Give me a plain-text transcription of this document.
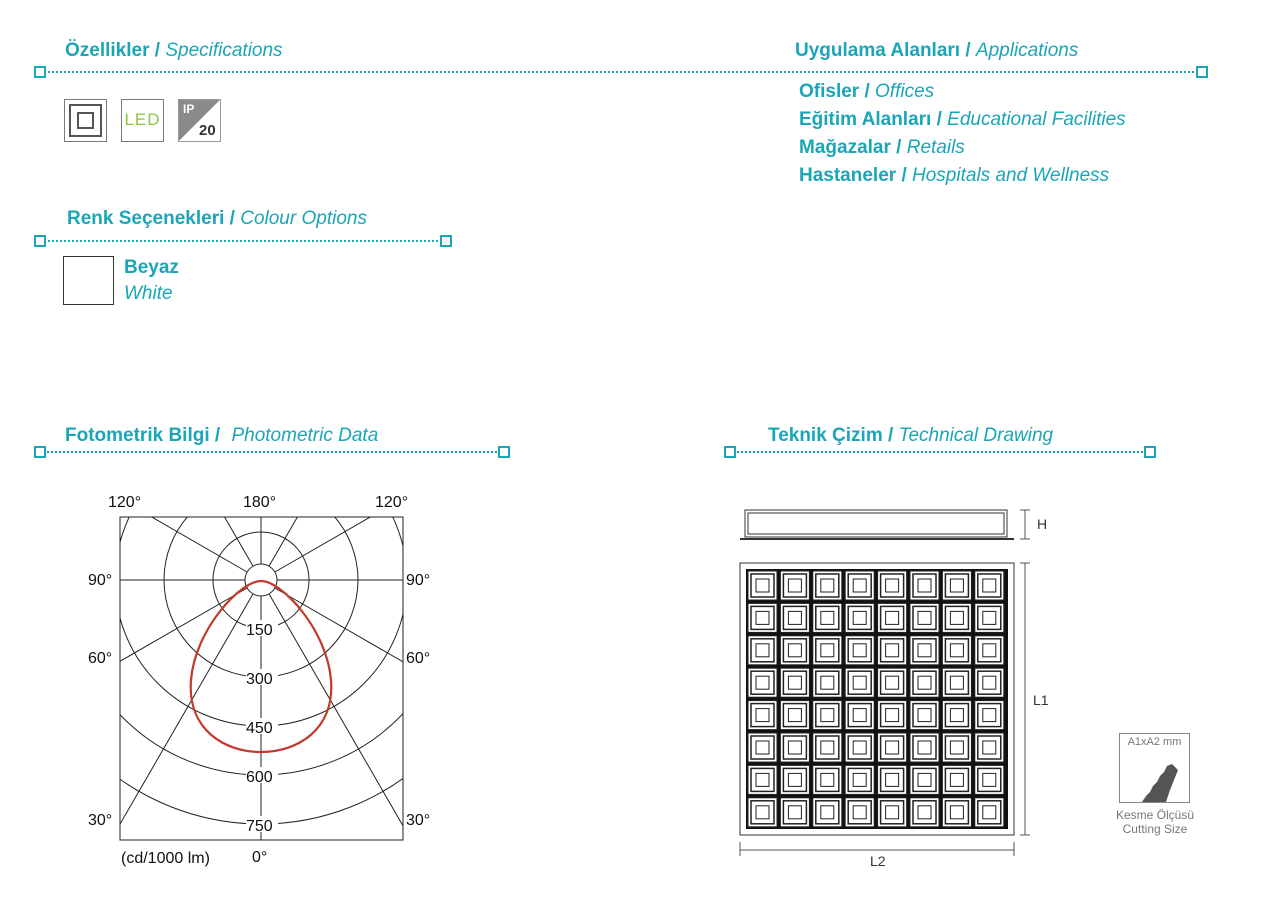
Özellikler / Specifications
LED
IP
20
Uygulama Alanları / Applications
Ofisler / Offices
Eğitim Alanları / Educational Facilities
Mağazalar / Retails
Hastaneler / Hospitals and Wellness
Renk Seçenekleri / Colour Options
Beyaz
White
Fotometrik Bilgi / Photometric Data
120°	180°	120°
90°	90°
60°	60°
30°	30°
0°
(cd/1000 lm)
150
300
450
600
750
Teknik Çizim / Technical Drawing
H
L1
L2
A1xA2 mm
Kesme Ölçüsü
Cutting Size
